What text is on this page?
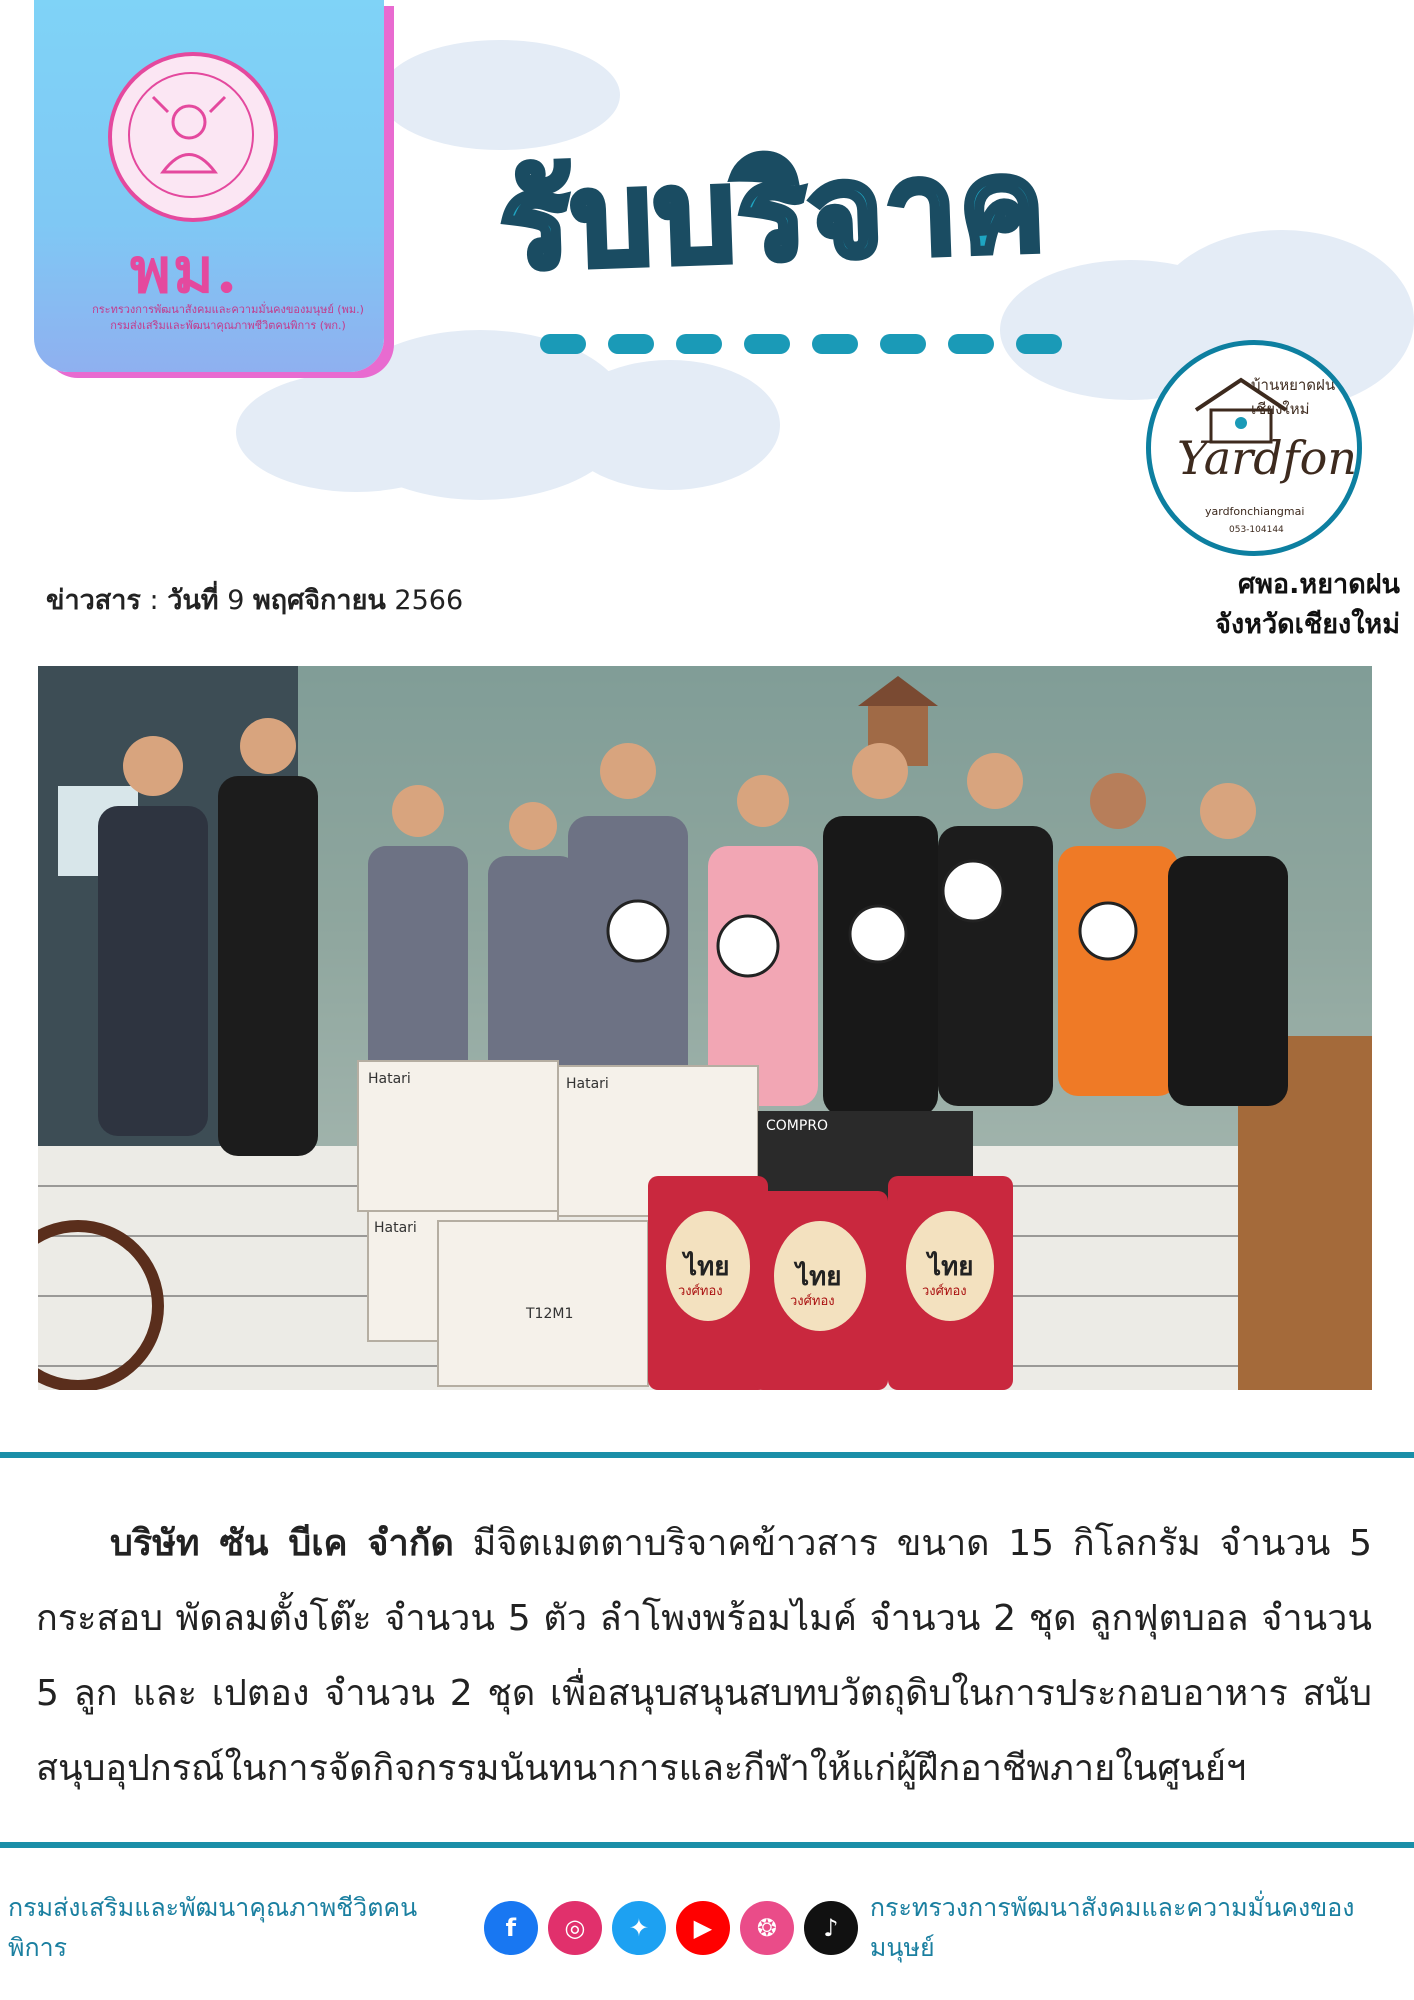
พม.
กระทรวงการพัฒนาสังคมและความมั่นคงของมนุษย์ (พม.)
กรมส่งเสริมและพัฒนาคุณภาพชีวิตคนพิการ (พก.)
รับบริจาค
บ้านหยาดฝน เชียงใหม่
Yardfon
yardfonchiangmai
053-104144
ศพอ.หยาดฝน
จังหวัดเชียงใหม่
ข่าวสาร : วันที่ 9 พฤศจิกายน 2566
Hatari	Hatari
Hatari
T12M1
COMPRO
ไทย	ไทย	ไทย
วงศ์ทอง
วงศ์ทอง
วงศ์ทอง

บริษัท ซัน บีเค จำกัด มีจิตเมตตาบริจาคข้าวสาร ขนาด 15 กิโลกรัม จำนวน 5 กระสอบ พัดลมตั้งโต๊ะ จำนวน 5 ตัว ลำโพงพร้อมไมค์ จำนวน 2 ชุด ลูกฟุตบอล จำนวน 5 ลูก และ เปตอง จำนวน 2 ชุด เพื่อสนุบสนุนสบทบวัตถุดิบในการประกอบอาหาร สนับสนุบอุปกรณ์ในการจัดกิจกรรมนันทนาการและกีฬาให้แก่ผู้ฝึกอาชีพภายในศูนย์ฯ

กรมส่งเสริมและพัฒนาคุณภาพชีวิตคนพิการ
f	◎	✦	▶	❂	♪
กระทรวงการพัฒนาสังคมและความมั่นคงของมนุษย์
